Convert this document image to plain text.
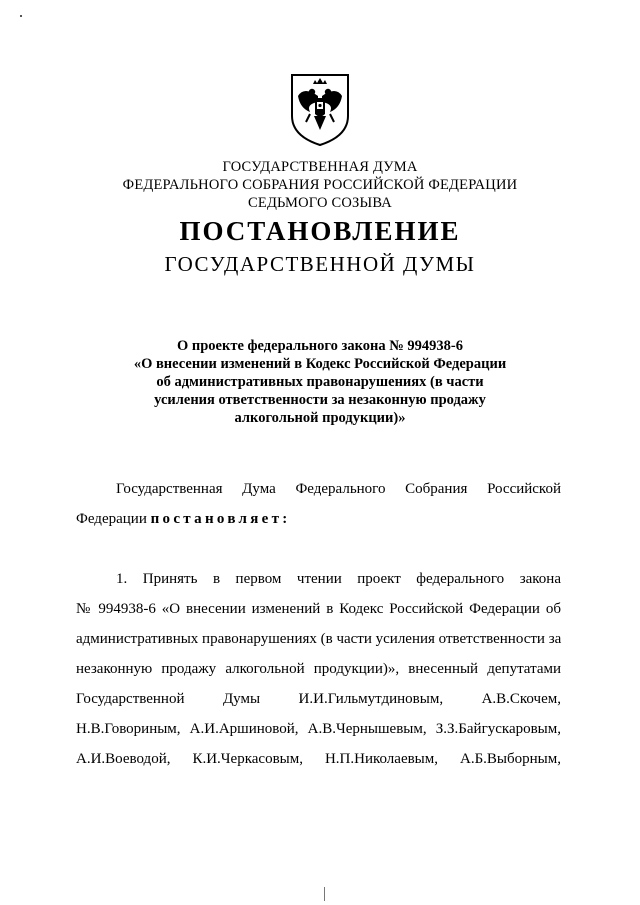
ГОСУДАРСТВЕННАЯ ДУМА
ФЕДЕРАЛЬНОГО СОБРАНИЯ РОССИЙСКОЙ ФЕДЕРАЦИИ
СЕДЬМОГО СОЗЫВА
ПОСТАНОВЛЕНИЕ
ГОСУДАРСТВЕННОЙ ДУМЫ
О проекте федерального закона № 994938-6
«О внесении изменений в Кодекс Российской Федерации
об административных правонарушениях (в части
усиления ответственности за незаконную продажу
алкогольной продукции)»
Государственная Дума Федерального Собрания Российской
Федерации постановляет:
1. Принять в первом чтении проект федерального закона
№ 994938-6 «О внесении изменений в Кодекс Российской Федерации об
административных правонарушениях (в части усиления ответственности за
незаконную продажу алкогольной продукции)», внесенный депутатами
Государственной Думы И.И.Гильмутдиновым, А.В.Скочем,
Н.В.Говориным, А.И.Аршиновой, А.В.Чернышевым, З.З.Байгускаровым,
А.И.Воеводой, К.И.Черкасовым, Н.П.Николаевым, А.Б.Выборным,
